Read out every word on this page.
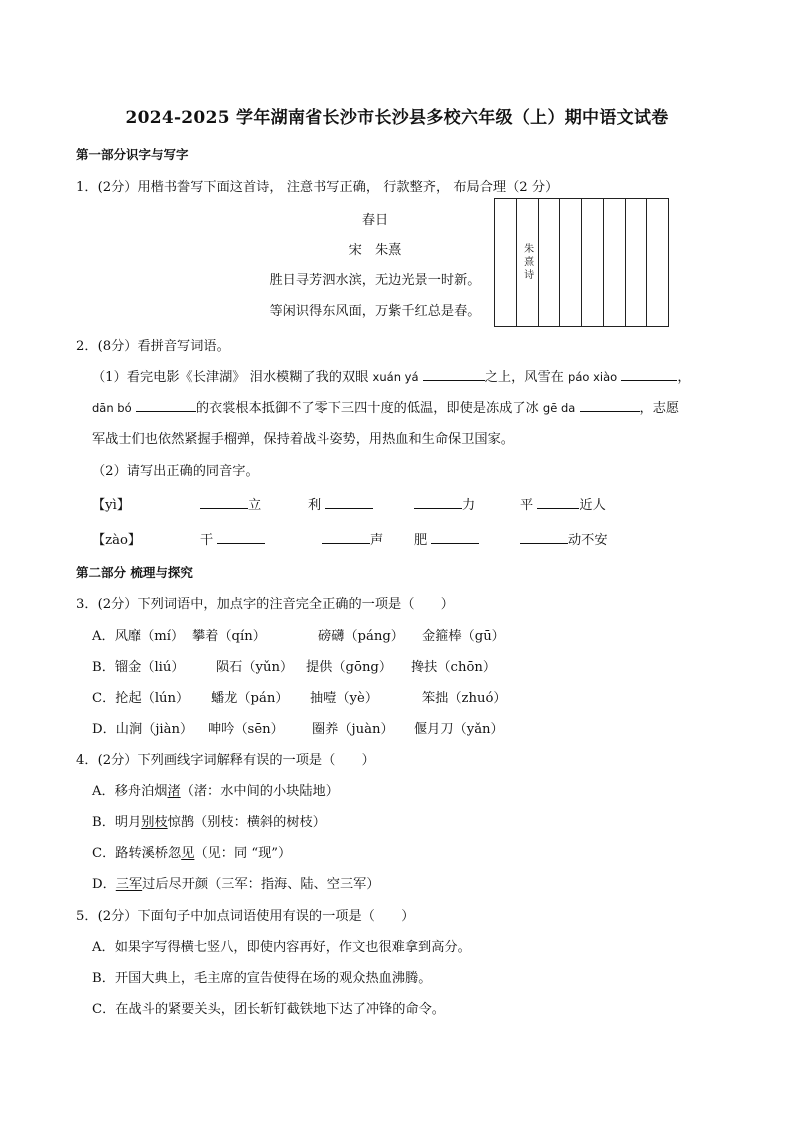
2024-2025 学年湖南省长沙市长沙县多校六年级（上）期中语文试卷
第一部分识字与写字
1．(2分）用楷书誊写下面这首诗， 注意书写正确， 行款整齐， 布局合理（2 分）
春日
宋　朱熹
胜日寻芳泗水滨，无边光景一时新。
等闲识得东风面，万紫千红总是春。
朱熹诗
2．(8分）看拼音写词语。
（1）看完电影《长津湖》 泪水模糊了我的双眼 xuán yá	之上，风雪在 páo xiào	，
dān bó	的衣裳根本抵御不了零下三四十度的低温，即使是冻成了冰 gē da	，志愿
军战士们也依然紧握手榴弹，保持着战斗姿势，用热血和生命保卫国家。
（2）请写出正确的同音字。
【yì】	立	利	力	平	近人
【zào】	干	声 肥	动不安
第二部分 梳理与探究
3．(2分）下列词语中，加点字的注音完全正确的一项是（　　）
A．风靡（mí） 攀着（qín）	磅礴（páng） 金箍棒（gū）
B．镏金（liú） 陨石（yǔn） 提供（gōng） 搀扶（chōn）
C．抡起（lún） 蟠龙（pán） 抽噎（yè）	笨拙（zhuó）
D．山涧（jiàn） 呻吟（sēn） 圈养（juàn） 偃月刀（yǎn）
4．(2分）下列画线字词解释有误的一项是（　　）
A．移舟泊烟渚（渚：水中间的小块陆地）
B．明月别枝惊鹊（别枝：横斜的树枝）
C．路转溪桥忽见（见：同 “现”）
D．三军过后尽开颜（三军：指海、陆、空三军）
5．(2分）下面句子中加点词语使用有误的一项是（　　）
A．如果字写得横七竖八，即使内容再好，作文也很难拿到高分。
B．开国大典上，毛主席的宣告使得在场的观众热血沸腾。
C．在战斗的紧要关头，团长斩钉截铁地下达了冲锋的命令。
